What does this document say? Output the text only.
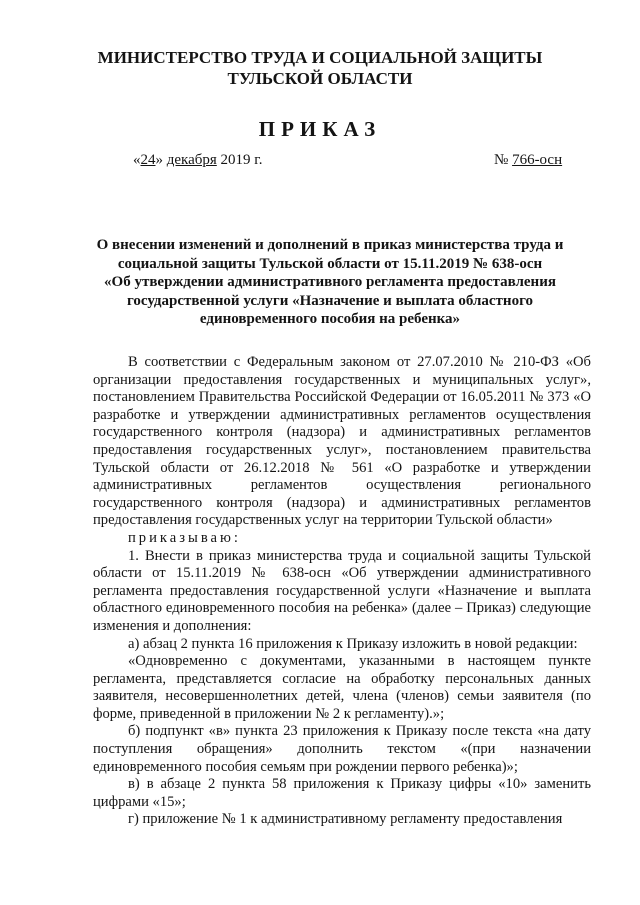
МИНИСТЕРСТВО ТРУДА И СОЦИАЛЬНОЙ ЗАЩИТЫ
ТУЛЬСКОЙ ОБЛАСТИ
ПРИКАЗ
«24» декабря 2019 г.	№ 766-осн
О внесении изменений и дополнений в приказ министерства труда и
социальной защиты Тульской области от 15.11.2019 № 638-осн
«Об утверждении административного регламента предоставления
государственной услуги «Назначение и выплата областного
единовременного пособия на ребенка»

В соответствии с Федеральным законом от 27.07.2010 № 210-ФЗ «Об организации предоставления государственных и муниципальных услуг», постановлением Правительства Российской Федерации от 16.05.2011 № 373 «О разработке и утверждении административных регламентов осуществления государственного контроля (надзора) и административных регламентов предоставления государственных услуг», постановлением правительства Тульской области от 26.12.2018 № 561 «О разработке и утверждении административных регламентов осуществления регионального государственного контроля (надзора) и административных регламентов предоставления государственных услуг на территории Тульской области»

приказываю:

1. Внести в приказ министерства труда и социальной защиты Тульской области от 15.11.2019 № 638-осн «Об утверждении административного регламента предоставления государственной услуги «Назначение и выплата областного единовременного пособия на ребенка» (далее – Приказ) следующие изменения и дополнения:

а) абзац 2 пункта 16 приложения к Приказу изложить в новой редакции:

«Одновременно с документами, указанными в настоящем пункте регламента, представляется согласие на обработку персональных данных заявителя, несовершеннолетних детей, члена (членов) семьи заявителя (по форме, приведенной в приложении № 2 к регламенту).»;

б) подпункт «в» пункта 23 приложения к Приказу после текста «на дату поступления обращения» дополнить текстом «(при назначении единовременного пособия семьям при рождении первого ребенка)»;

в) в абзаце 2 пункта 58 приложения к Приказу цифры «10» заменить цифрами «15»;

г) приложение № 1 к административному регламенту предоставления
